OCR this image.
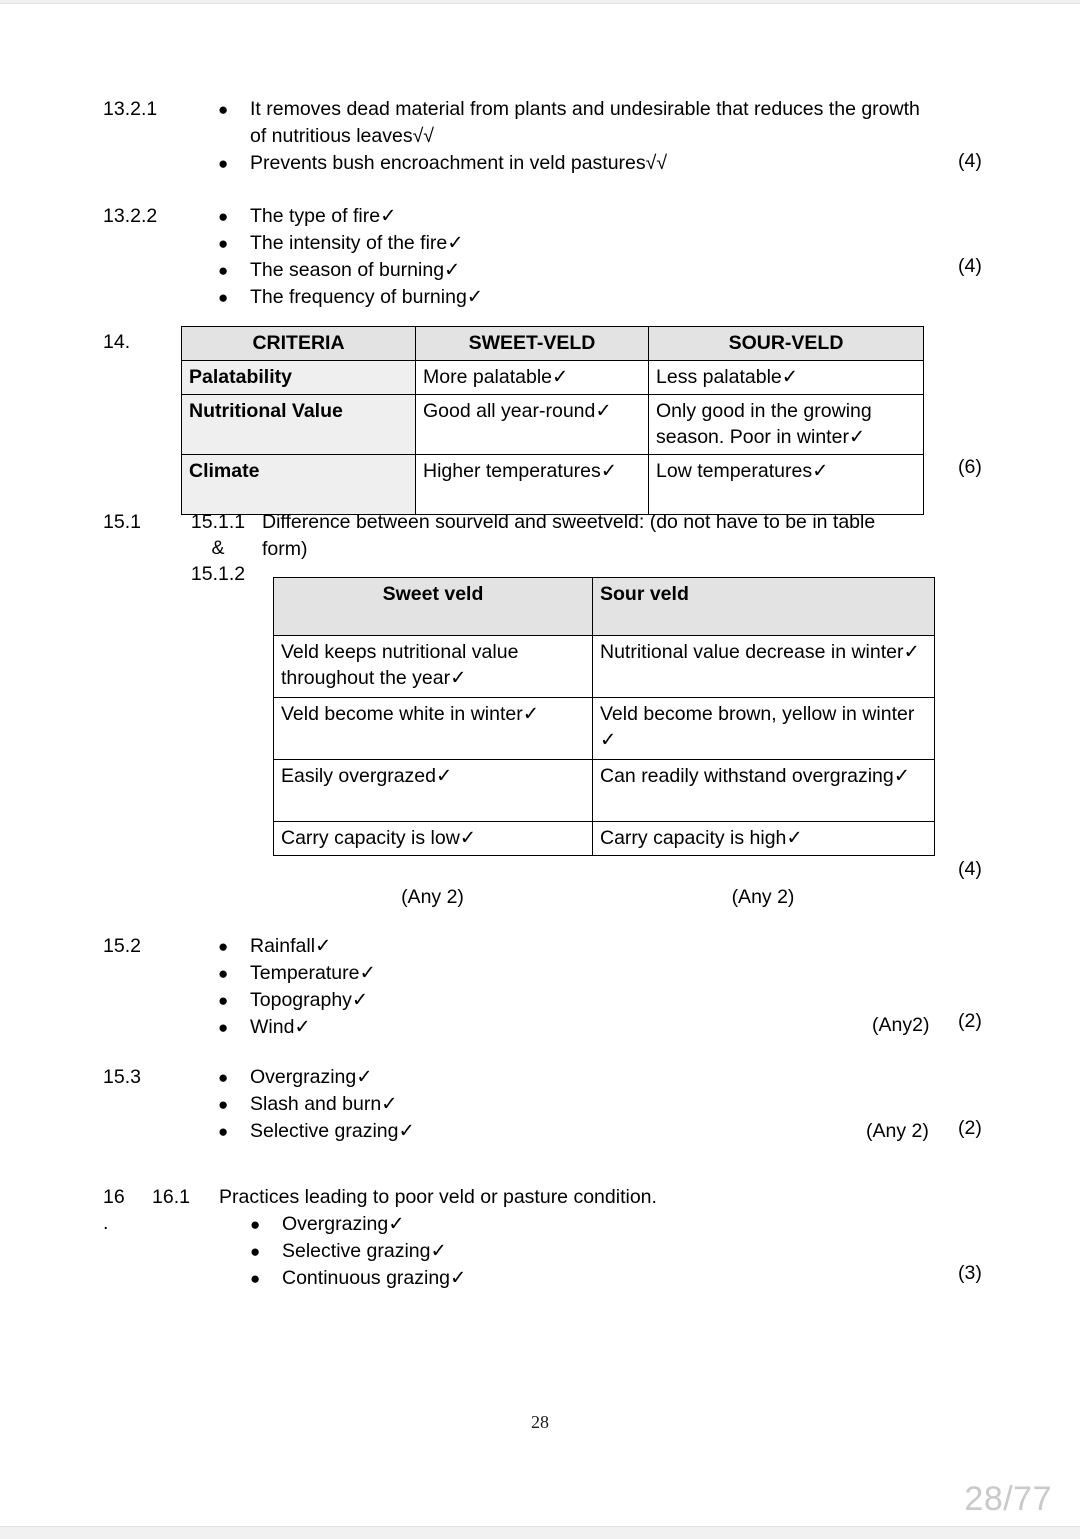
13.2.1	●	It removes dead material from plants and undesirable that reduces the growth of nutritious leaves√√
●	Prevents bush encroachment in veld pastures√√	(4)
13.2.2	●	The type of fire✓
●	The intensity of the fire✓
●	The season of burning✓
●	The frequency of burning✓
(4)
14.	CRITERIA	SWEET-VELD	SOUR-VELD
Palatability	More palatable✓	Less palatable✓
Nutritional Value	Good all year-round✓	Only good in the growing season. Poor in winter✓
Climate	Higher temperatures✓	Low temperatures✓	(6)
15.1	15.1.1
&
15.1.2
Difference between sourveld and sweetveld: (do not have to be in table form)
Sweet veld	Sour veld
Veld keeps nutritional value throughout the year✓	Nutritional value decrease in winter✓
Veld become white in winter✓	Veld become brown, yellow in winter ✓
Easily overgrazed✓	Can readily withstand overgrazing✓
Carry capacity is low✓	Carry capacity is high✓
(Any 2)	(Any 2)
(4)
15.2	●	Rainfall✓
●	Temperature✓
●	Topography✓
●	Wind✓	(Any2) (2)
15.3	●	Overgrazing✓
●	Slash and burn✓
●	Selective grazing✓	(Any 2) (2)
16
.
16.1 Practices leading to poor veld or pasture condition.
●	Overgrazing✓
●	Selective grazing✓
●	Continuous grazing✓	(3)
28
28/77
